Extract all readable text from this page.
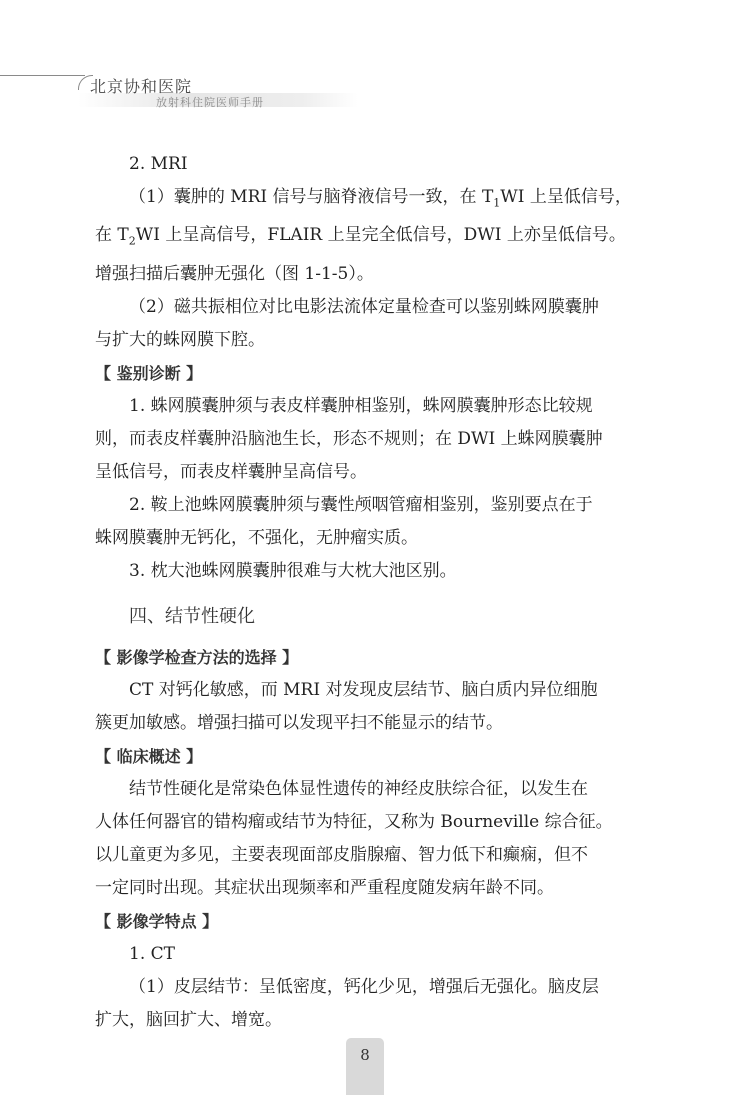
北京协和医院
放射科住院医师手册
2. MRI
（1）囊肿的 MRI 信号与脑脊液信号一致，在 $T_1WI$ 上呈低信号，
在 $T_2WI$ 上呈高信号，FLAIR 上呈完全低信号，DWI 上亦呈低信号。
增强扫描后囊肿无强化（图 1-1-5）。
（2）磁共振相位对比电影法流体定量检查可以鉴别蛛网膜囊肿
与扩大的蛛网膜下腔。
【 鉴别诊断 】
1. 蛛网膜囊肿须与表皮样囊肿相鉴别，蛛网膜囊肿形态比较规
则，而表皮样囊肿沿脑池生长，形态不规则；在 DWI 上蛛网膜囊肿
呈低信号，而表皮样囊肿呈高信号。
2. 鞍上池蛛网膜囊肿须与囊性颅咽管瘤相鉴别，鉴别要点在于
蛛网膜囊肿无钙化，不强化，无肿瘤实质。
3. 枕大池蛛网膜囊肿很难与大枕大池区别。
四、结节性硬化
【 影像学检查方法的选择 】
CT 对钙化敏感，而 MRI 对发现皮层结节、脑白质内异位细胞
簇更加敏感。增强扫描可以发现平扫不能显示的结节。
【 临床概述 】
结节性硬化是常染色体显性遗传的神经皮肤综合征，以发生在
人体任何器官的错构瘤或结节为特征，又称为 Bourneville 综合征。
以儿童更为多见，主要表现面部皮脂腺瘤、智力低下和癫痫，但不
一定同时出现。其症状出现频率和严重程度随发病年龄不同。
【 影像学特点 】
1. CT
（1）皮层结节：呈低密度，钙化少见，增强后无强化。脑皮层
扩大，脑回扩大、增宽。
8
